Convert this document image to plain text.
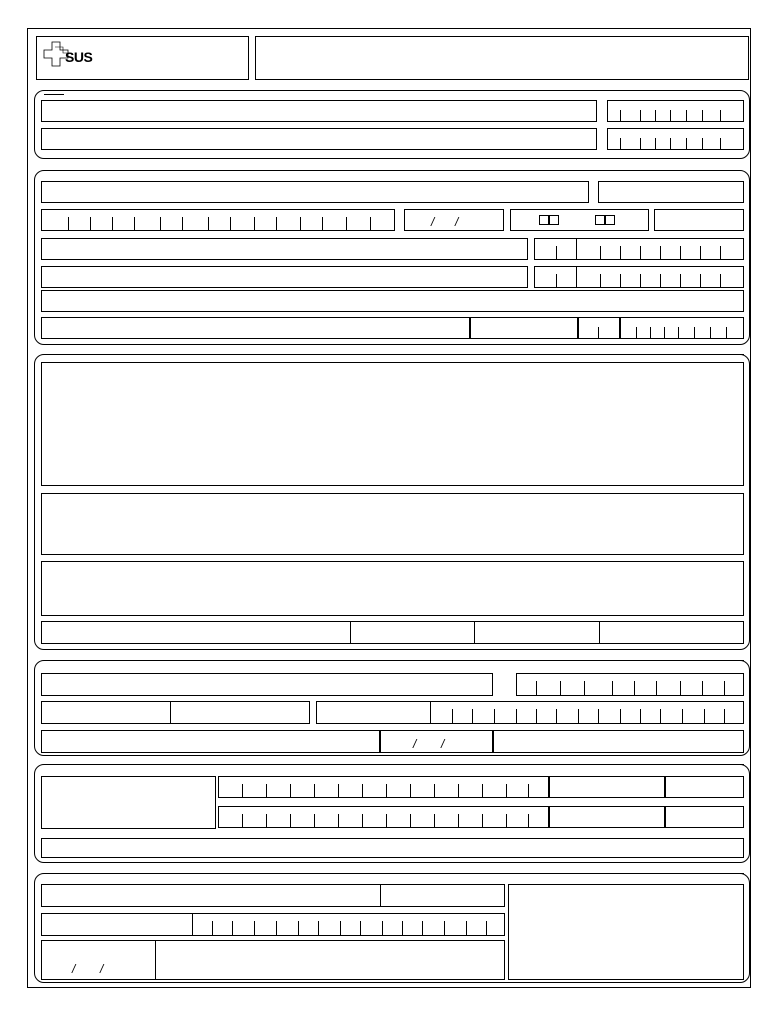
SUS
/ /
/ /
/ /
